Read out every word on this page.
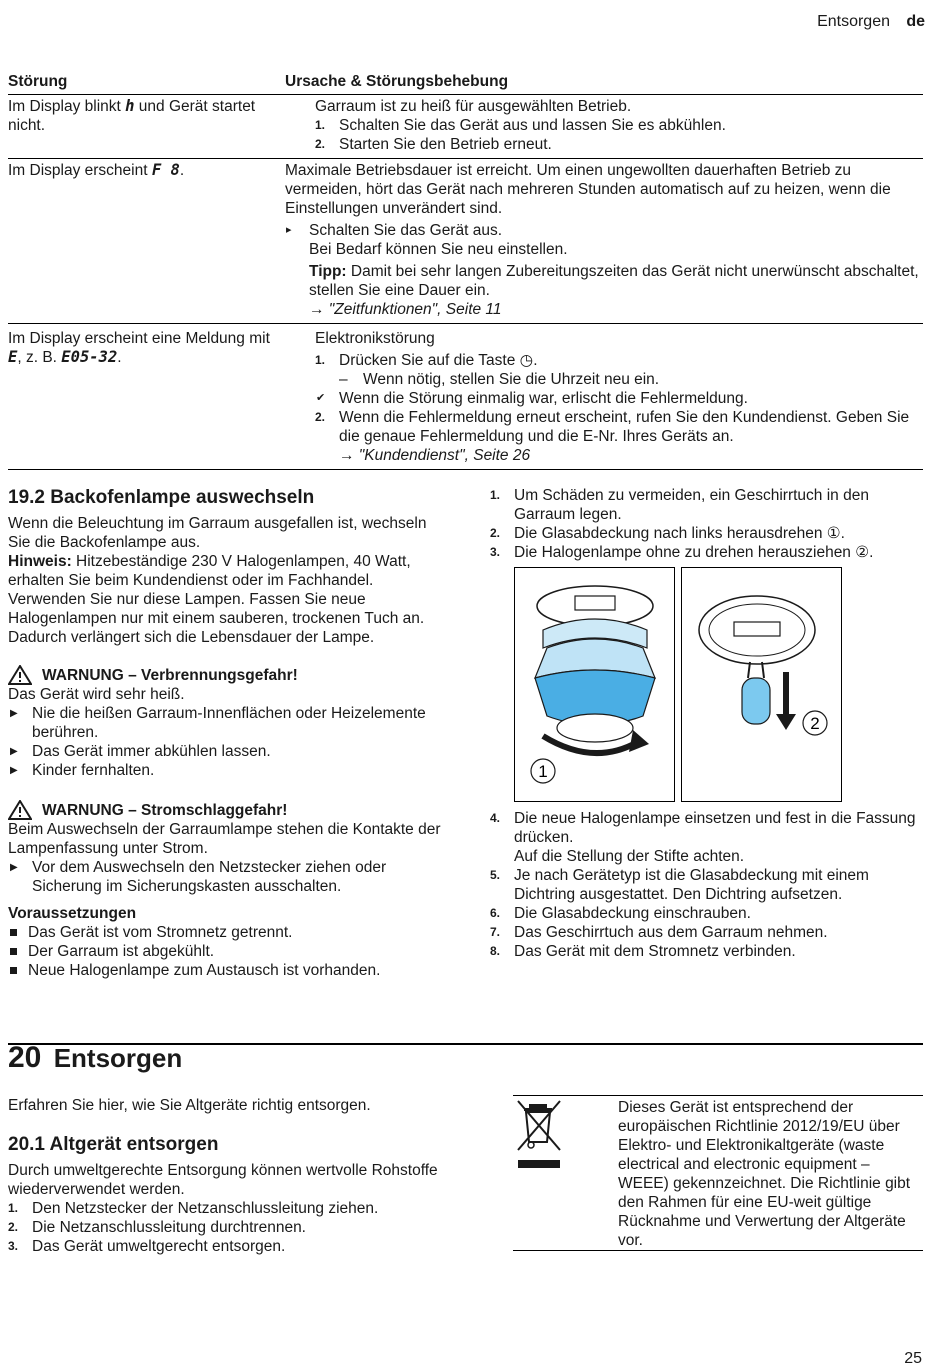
Entsorgen de
Störung	Ursache & Störungsbehebung
Im Display blinkt h und Gerät startet nicht.
Garraum ist zu heiß für ausgewählten Betrieb.
1. Schalten Sie das Gerät aus und lassen Sie es abkühlen.
2. Starten Sie den Betrieb erneut.
Im Display erscheint F 8.	Maximale Betriebsdauer ist erreicht. Um einen ungewollten dauerhaften Betrieb zu vermeiden, hört das Gerät nach mehreren Stunden automatisch auf zu heizen, wenn die Einstellungen unverändert sind.
▸ Schalten Sie das Gerät aus.
Bei Bedarf können Sie neu einstellen.
Tipp: Damit bei sehr langen Zubereitungszeiten das Gerät nicht unerwünscht abschaltet, stellen Sie eine Dauer ein.
→ "Zeitfunktionen", Seite 11
Im Display erscheint eine Meldung mit E, z. B. E05-32.
Elektronikstörung
1. Drücken Sie auf die Taste ◷.
– Wenn nötig, stellen Sie die Uhrzeit neu ein.
✔ Wenn die Störung einmalig war, erlischt die Fehlermeldung.
2. Wenn die Fehlermeldung erneut erscheint, rufen Sie den Kundendienst. Geben Sie die genaue Fehlermeldung und die E-Nr. Ihres Geräts an.
→ "Kundendienst", Seite 26
19.2 Backofenlampe auswechseln
Wenn die Beleuchtung im Garraum ausgefallen ist, wechseln Sie die Backofenlampe aus.
Hinweis: Hitzebeständige 230 V Halogenlampen, 40 Watt, erhalten Sie beim Kundendienst oder im Fachhandel. Verwenden Sie nur diese Lampen. Fassen Sie neue Halogenlampen nur mit einem sauberen, trockenen Tuch an. Dadurch verlängert sich die Lebensdauer der Lampe.
WARNUNG – Verbrennungsgefahr!
Das Gerät wird sehr heiß.
▶ Nie die heißen Garraum-Innenflächen oder Heizelemente berühren.
▶ Das Gerät immer abkühlen lassen.
▶ Kinder fernhalten.
WARNUNG – Stromschlaggefahr!
Beim Auswechseln der Garraumlampe stehen die Kontakte der Lampenfassung unter Strom.
▶ Vor dem Auswechseln den Netzstecker ziehen oder Sicherung im Sicherungskasten ausschalten.
Voraussetzungen
Das Gerät ist vom Stromnetz getrennt.
Der Garraum ist abgekühlt.
Neue Halogenlampe zum Austausch ist vorhanden.
1. Um Schäden zu vermeiden, ein Geschirrtuch in den Garraum legen.
2. Die Glasabdeckung nach links herausdrehen ①.
3. Die Halogenlampe ohne zu drehen herausziehen ②.
1
2
4. Die neue Halogenlampe einsetzen und fest in die Fassung drücken.
Auf die Stellung der Stifte achten.
5. Je nach Gerätetyp ist die Glasabdeckung mit einem Dichtring ausgestattet. Den Dichtring aufsetzen.
6. Die Glasabdeckung einschrauben.
7. Das Geschirrtuch aus dem Garraum nehmen.
8. Das Gerät mit dem Stromnetz verbinden.
20 Entsorgen
Erfahren Sie hier, wie Sie Altgeräte richtig entsorgen.
20.1 Altgerät entsorgen
Durch umweltgerechte Entsorgung können wertvolle Rohstoffe wiederverwendet werden.
1. Den Netzstecker der Netzanschlussleitung ziehen.
2. Die Netzanschlussleitung durchtrennen.
3. Das Gerät umweltgerecht entsorgen.
Dieses Gerät ist entsprechend der europäischen Richtlinie 2012/19/EU über Elektro- und Elektronikaltgeräte (waste electrical and electronic equipment – WEEE) gekennzeichnet. Die Richtlinie gibt den Rahmen für eine EU-weit gültige Rücknahme und Verwertung der Altgeräte vor.
25
